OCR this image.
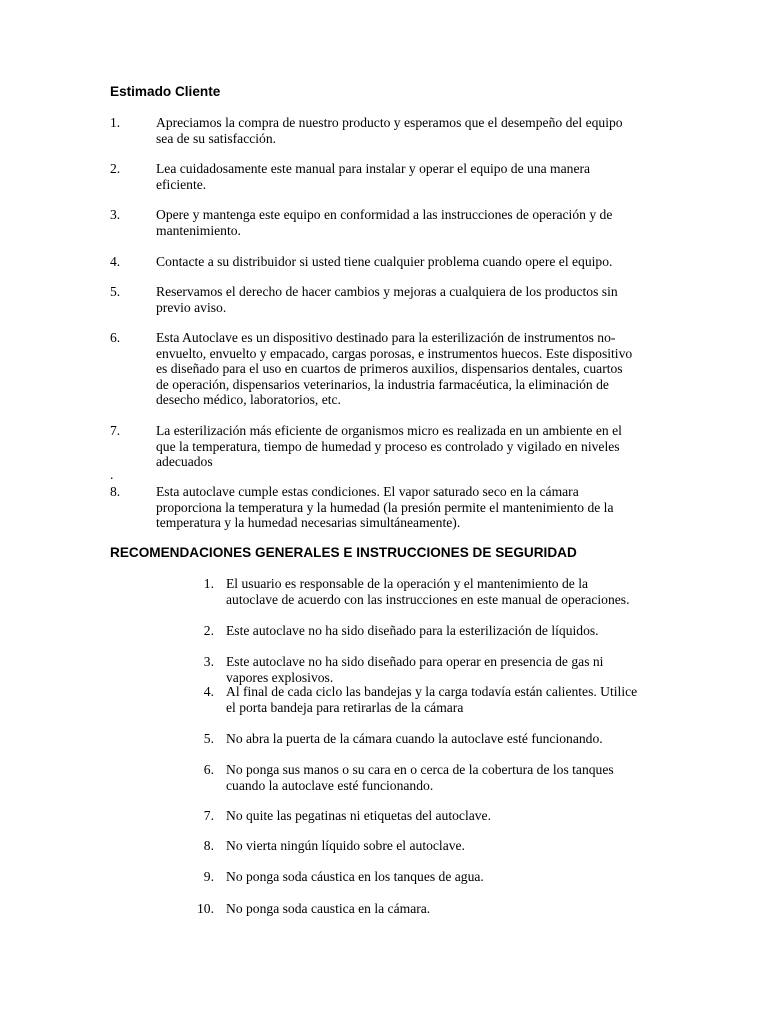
Estimado Cliente
1.	Apreciamos la compra de nuestro producto y esperamos que el desempeño del equipo
sea de su satisfacción.
2.	Lea cuidadosamente este manual para instalar y operar el equipo de una manera
eficiente.
3.	Opere y mantenga este equipo en conformidad a las instrucciones de operación y de
mantenimiento.
4.	Contacte a su distribuidor si usted tiene cualquier problema cuando opere el equipo.
5.	Reservamos el derecho de hacer cambios y mejoras a cualquiera de los productos sin
previo aviso.
6.	Esta Autoclave es un dispositivo destinado para la esterilización de instrumentos no-
envuelto, envuelto y empacado, cargas porosas, e instrumentos huecos. Este dispositivo
es diseñado para el uso en cuartos de primeros auxilios, dispensarios dentales, cuartos
de operación, dispensarios veterinarios, la industria farmacéutica, la eliminación de
desecho médico, laboratorios, etc.
7.	La esterilización más eficiente de organismos micro es realizada en un ambiente en el
que la temperatura, tiempo de humedad y proceso es controlado y vigilado en niveles
adecuados
8.	Esta autoclave cumple estas condiciones. El vapor saturado seco en la cámara
proporciona la temperatura y la humedad (la presión permite el mantenimiento de la
temperatura y la humedad necesarias simultáneamente).
.
RECOMENDACIONES GENERALES E INSTRUCCIONES DE SEGURIDAD
1. El usuario es responsable de la operación y el mantenimiento de la
autoclave de acuerdo con las instrucciones en este manual de operaciones.
2. Este autoclave no ha sido diseñado para la esterilización de líquidos.
3. Este autoclave no ha sido diseñado para operar en presencia de gas ni
vapores explosivos.
4. Al final de cada ciclo las bandejas y la carga todavía están calientes. Utilice
el porta bandeja para retirarlas de la cámara
5. No abra la puerta de la cámara cuando la autoclave esté funcionando.
6. No ponga sus manos o su cara en o cerca de la cobertura de los tanques
cuando la autoclave esté funcionando.
7. No quite las pegatinas ni etiquetas del autoclave.
8. No vierta ningún líquido sobre el autoclave.
9. No ponga soda cáustica en los tanques de agua.
10. No ponga soda caustica en la cámara.
